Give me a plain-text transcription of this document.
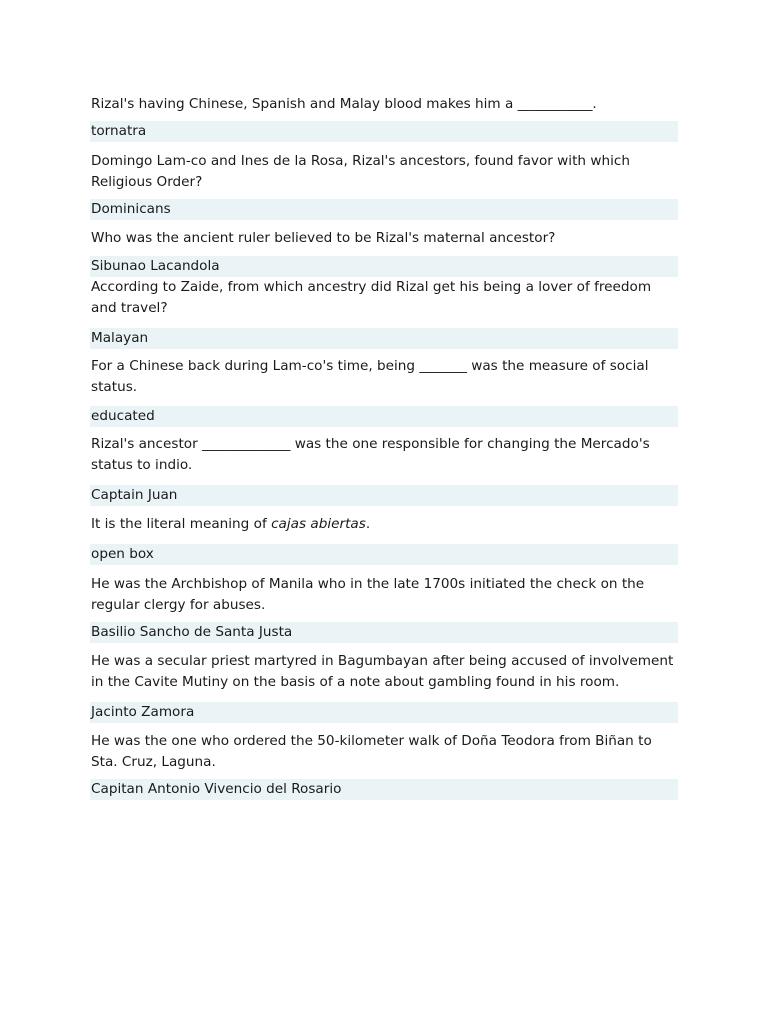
Rizal's having Chinese, Spanish and Malay blood makes him a ___________.
tornatra
Domingo Lam-co and Ines de la Rosa, Rizal's ancestors, found favor with which Religious Order?
Dominicans
Who was the ancient ruler believed to be Rizal's maternal ancestor?
Sibunao Lacandola
According to Zaide, from which ancestry did Rizal get his being a lover of freedom and travel?
Malayan
For a Chinese back during Lam-co's time, being _______ was the measure of social status.
educated
Rizal's ancestor _____________ was the one responsible for changing the Mercado's status to indio.
Captain Juan
It is the literal meaning of cajas abiertas.
open box
He was the Archbishop of Manila who in the late 1700s initiated the check on the regular clergy for abuses.
Basilio Sancho de Santa Justa
He was a secular priest martyred in Bagumbayan after being accused of involvement in the Cavite Mutiny on the basis of a note about gambling found in his room.
Jacinto Zamora
He was the one who ordered the 50-kilometer walk of Doña Teodora from Biñan to Sta. Cruz, Laguna.
Capitan Antonio Vivencio del Rosario
